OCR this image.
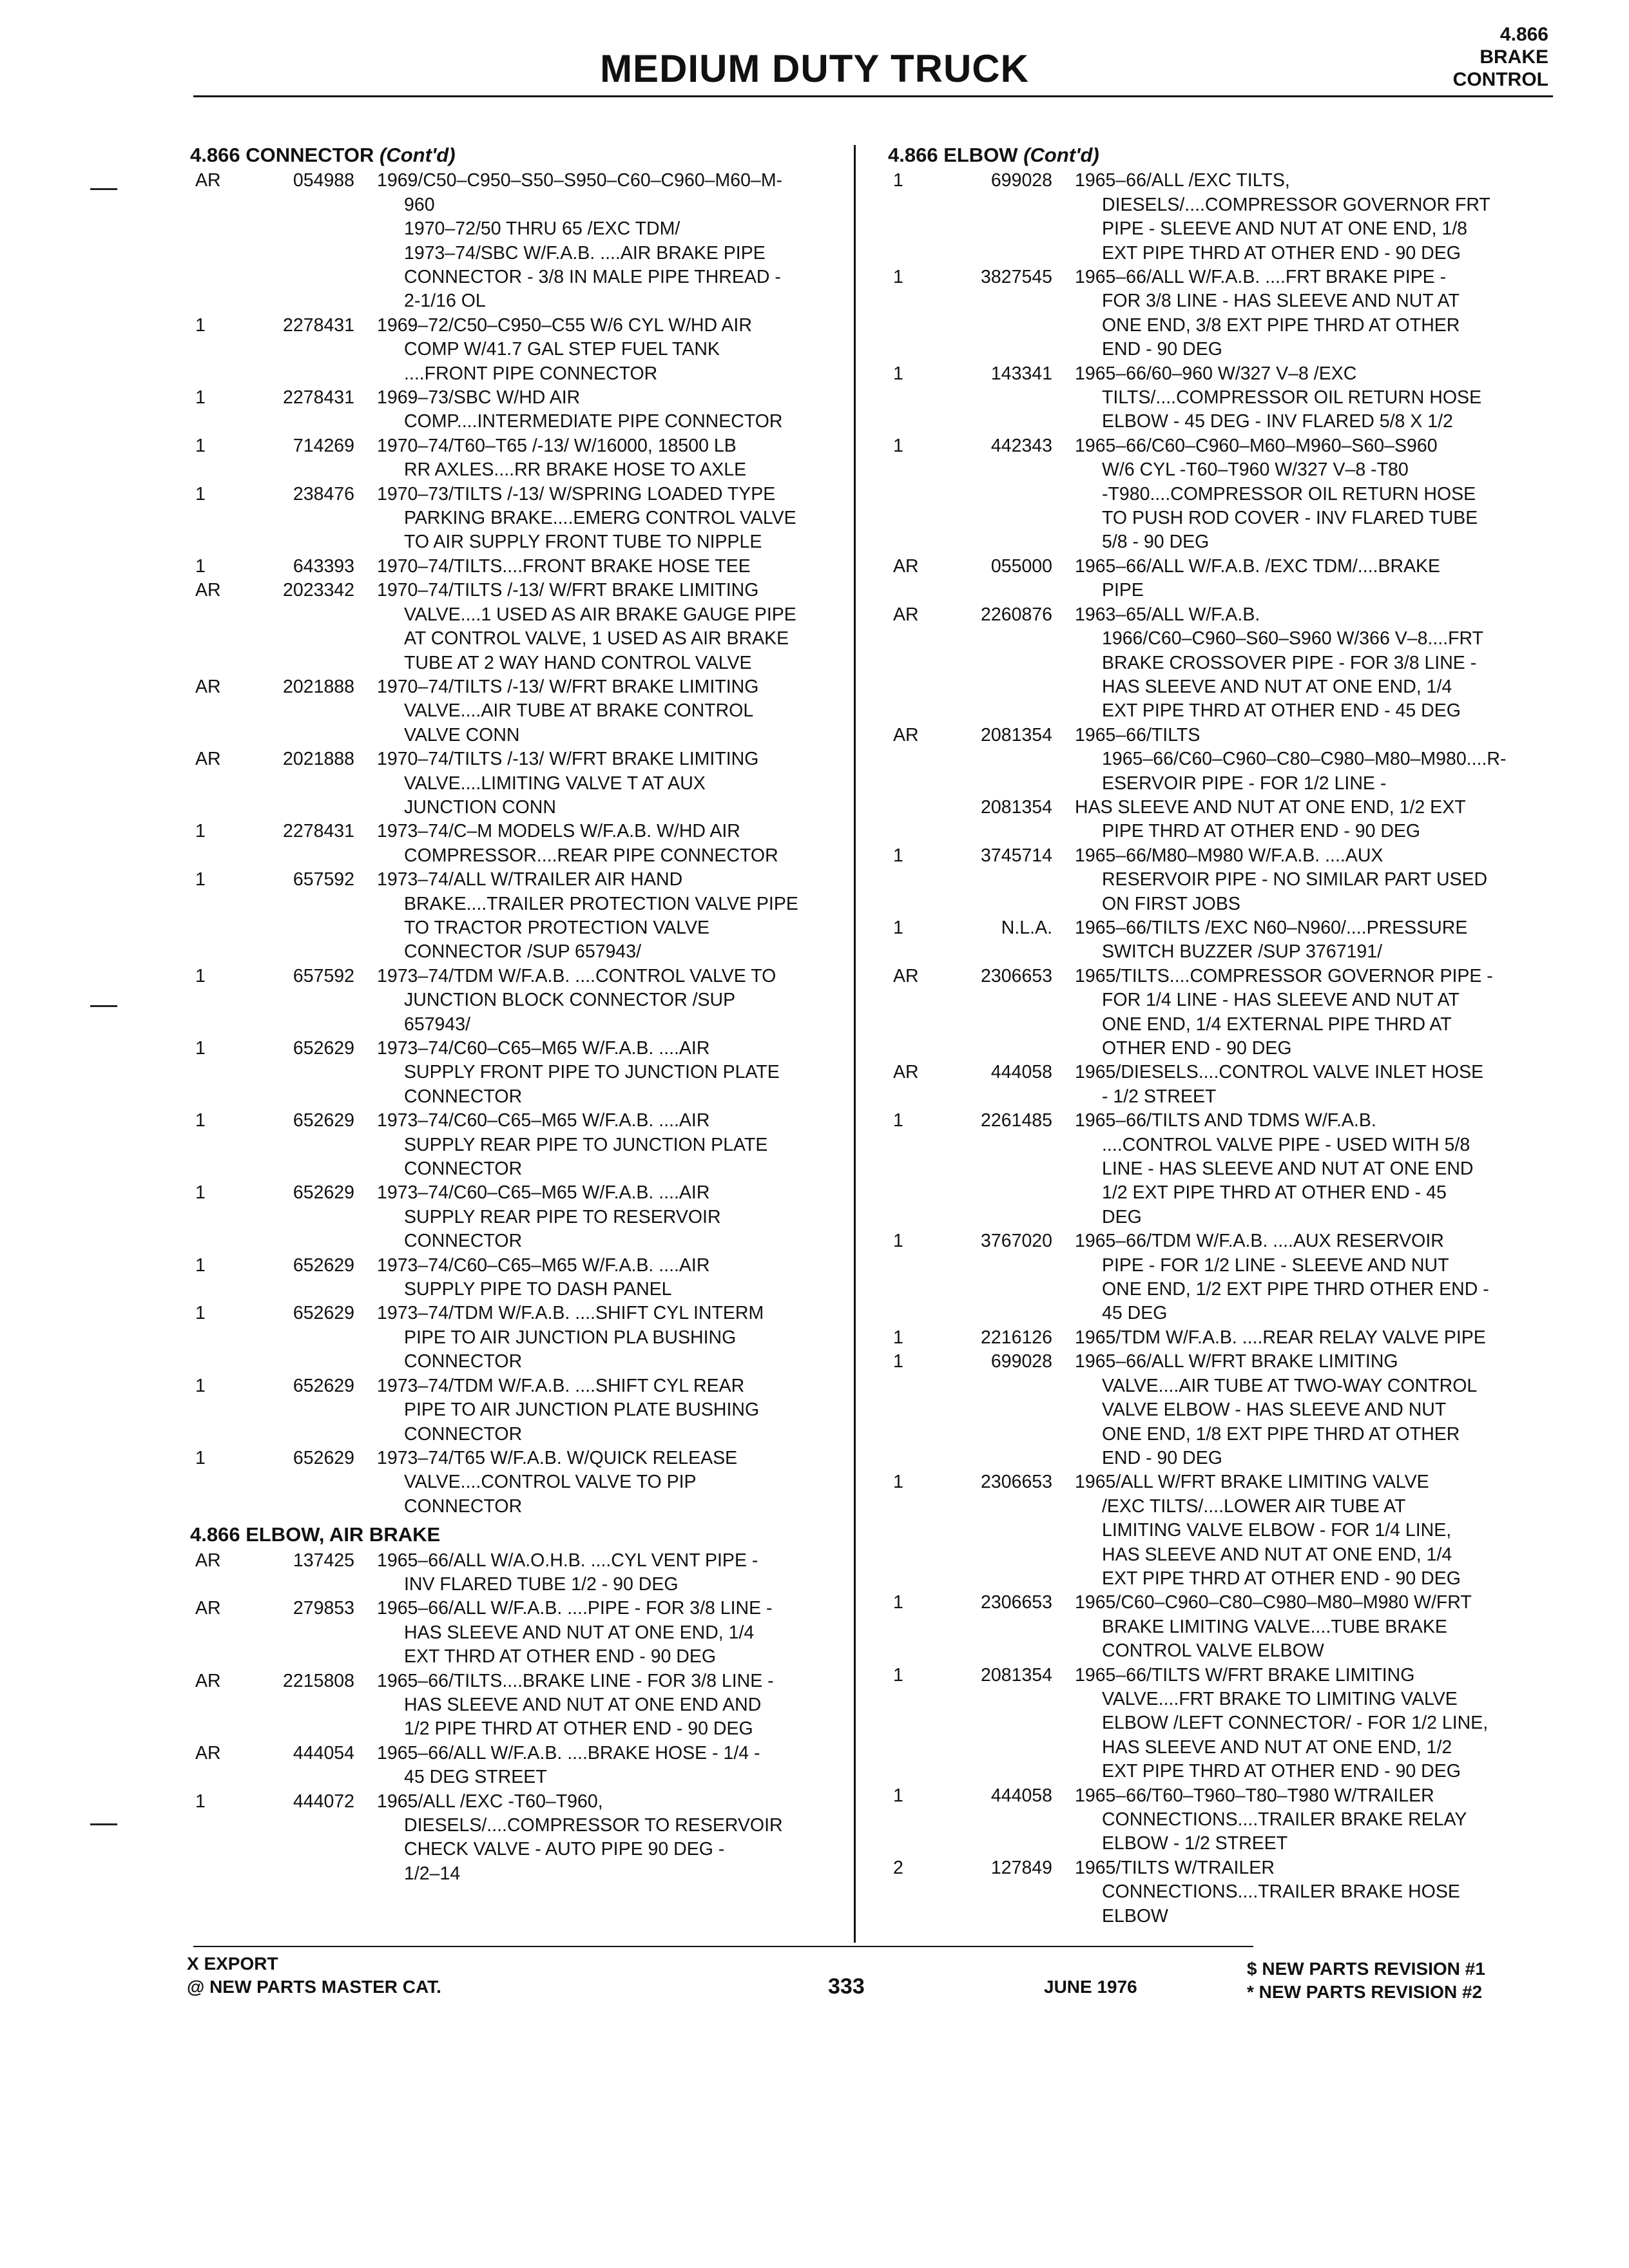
MEDIUM DUTY TRUCK
4.866
BRAKE
CONTROL
4.866 CONNECTOR (Cont'd)
AR	054988 1969/C50–C950–S50–S950–C60–C960–M60–M-
960
1970–72/50 THRU 65 /EXC TDM/
1973–74/SBC W/F.A.B. ....AIR BRAKE PIPE
CONNECTOR - 3/8 IN MALE PIPE THREAD -
2-1/16 OL
1	2278431 1969–72/C50–C950–C55 W/6 CYL W/HD AIR
COMP W/41.7 GAL STEP FUEL TANK
....FRONT PIPE CONNECTOR
1	2278431 1969–73/SBC W/HD AIR
COMP....INTERMEDIATE PIPE CONNECTOR
1	714269 1970–74/T60–T65 /-13/ W/16000, 18500 LB
RR AXLES....RR BRAKE HOSE TO AXLE
1	238476 1970–73/TILTS /-13/ W/SPRING LOADED TYPE
PARKING BRAKE....EMERG CONTROL VALVE
TO AIR SUPPLY FRONT TUBE TO NIPPLE
1	643393 1970–74/TILTS....FRONT BRAKE HOSE TEE
AR	2023342 1970–74/TILTS /-13/ W/FRT BRAKE LIMITING
VALVE....1 USED AS AIR BRAKE GAUGE PIPE
AT CONTROL VALVE, 1 USED AS AIR BRAKE
TUBE AT 2 WAY HAND CONTROL VALVE
AR	2021888 1970–74/TILTS /-13/ W/FRT BRAKE LIMITING
VALVE....AIR TUBE AT BRAKE CONTROL
VALVE CONN
AR	2021888 1970–74/TILTS /-13/ W/FRT BRAKE LIMITING
VALVE....LIMITING VALVE T AT AUX
JUNCTION CONN
1	2278431 1973–74/C–M MODELS W/F.A.B. W/HD AIR
COMPRESSOR....REAR PIPE CONNECTOR
1	657592 1973–74/ALL W/TRAILER AIR HAND
BRAKE....TRAILER PROTECTION VALVE PIPE
TO TRACTOR PROTECTION VALVE
CONNECTOR /SUP 657943/
1	657592 1973–74/TDM W/F.A.B. ....CONTROL VALVE TO
JUNCTION BLOCK CONNECTOR /SUP
657943/
1	652629 1973–74/C60–C65–M65 W/F.A.B. ....AIR
SUPPLY FRONT PIPE TO JUNCTION PLATE
CONNECTOR
1	652629 1973–74/C60–C65–M65 W/F.A.B. ....AIR
SUPPLY REAR PIPE TO JUNCTION PLATE
CONNECTOR
1	652629 1973–74/C60–C65–M65 W/F.A.B. ....AIR
SUPPLY REAR PIPE TO RESERVOIR
CONNECTOR
1	652629 1973–74/C60–C65–M65 W/F.A.B. ....AIR
SUPPLY PIPE TO DASH PANEL
1	652629 1973–74/TDM W/F.A.B. ....SHIFT CYL INTERM
PIPE TO AIR JUNCTION PLA BUSHING
CONNECTOR
1	652629 1973–74/TDM W/F.A.B. ....SHIFT CYL REAR
PIPE TO AIR JUNCTION PLATE BUSHING
CONNECTOR
1	652629 1973–74/T65 W/F.A.B. W/QUICK RELEASE
VALVE....CONTROL VALVE TO PIP
CONNECTOR
4.866 ELBOW, AIR BRAKE
AR	137425 1965–66/ALL W/A.O.H.B. ....CYL VENT PIPE -
INV FLARED TUBE 1/2 - 90 DEG
AR	279853 1965–66/ALL W/F.A.B. ....PIPE - FOR 3/8 LINE -
HAS SLEEVE AND NUT AT ONE END, 1/4
EXT THRD AT OTHER END - 90 DEG
AR	2215808 1965–66/TILTS....BRAKE LINE - FOR 3/8 LINE -
HAS SLEEVE AND NUT AT ONE END AND
1/2 PIPE THRD AT OTHER END - 90 DEG
AR	444054 1965–66/ALL W/F.A.B. ....BRAKE HOSE - 1/4 -
45 DEG STREET
1	444072 1965/ALL /EXC -T60–T960,
DIESELS/....COMPRESSOR TO RESERVOIR
CHECK VALVE - AUTO PIPE 90 DEG -
1/2–14
4.866 ELBOW (Cont'd)
1	699028 1965–66/ALL /EXC TILTS,
DIESELS/....COMPRESSOR GOVERNOR FRT
PIPE - SLEEVE AND NUT AT ONE END, 1/8
EXT PIPE THRD AT OTHER END - 90 DEG
1	3827545 1965–66/ALL W/F.A.B. ....FRT BRAKE PIPE -
FOR 3/8 LINE - HAS SLEEVE AND NUT AT
ONE END, 3/8 EXT PIPE THRD AT OTHER
END - 90 DEG
1	143341 1965–66/60–960 W/327 V–8 /EXC
TILTS/....COMPRESSOR OIL RETURN HOSE
ELBOW - 45 DEG - INV FLARED 5/8 X 1/2
1	442343 1965–66/C60–C960–M60–M960–S60–S960
W/6 CYL -T60–T960 W/327 V–8 -T80
-T980....COMPRESSOR OIL RETURN HOSE
TO PUSH ROD COVER - INV FLARED TUBE
5/8 - 90 DEG
AR	055000 1965–66/ALL W/F.A.B. /EXC TDM/....BRAKE
PIPE
AR	2260876 1963–65/ALL W/F.A.B.
1966/C60–C960–S60–S960 W/366 V–8....FRT
BRAKE CROSSOVER PIPE - FOR 3/8 LINE -
HAS SLEEVE AND NUT AT ONE END, 1/4
EXT PIPE THRD AT OTHER END - 45 DEG
AR	2081354 1965–66/TILTS
1965–66/C60–C960–C80–C980–M80–M980....R-
ESERVOIR PIPE - FOR 1/2 LINE -
2081354 HAS SLEEVE AND NUT AT ONE END, 1/2 EXT
PIPE THRD AT OTHER END - 90 DEG
1	3745714 1965–66/M80–M980 W/F.A.B. ....AUX
RESERVOIR PIPE - NO SIMILAR PART USED
ON FIRST JOBS
1	N.L.A. 1965–66/TILTS /EXC N60–N960/....PRESSURE
SWITCH BUZZER /SUP 3767191/
AR	2306653 1965/TILTS....COMPRESSOR GOVERNOR PIPE -
FOR 1/4 LINE - HAS SLEEVE AND NUT AT
ONE END, 1/4 EXTERNAL PIPE THRD AT
OTHER END - 90 DEG
AR	444058 1965/DIESELS....CONTROL VALVE INLET HOSE
- 1/2 STREET
1	2261485 1965–66/TILTS AND TDMS W/F.A.B.
....CONTROL VALVE PIPE - USED WITH 5/8
LINE - HAS SLEEVE AND NUT AT ONE END
1/2 EXT PIPE THRD AT OTHER END - 45
DEG
1	3767020 1965–66/TDM W/F.A.B. ....AUX RESERVOIR
PIPE - FOR 1/2 LINE - SLEEVE AND NUT
ONE END, 1/2 EXT PIPE THRD OTHER END -
45 DEG
1	2216126 1965/TDM W/F.A.B. ....REAR RELAY VALVE PIPE
1	699028 1965–66/ALL W/FRT BRAKE LIMITING
VALVE....AIR TUBE AT TWO-WAY CONTROL
VALVE ELBOW - HAS SLEEVE AND NUT
ONE END, 1/8 EXT PIPE THRD AT OTHER
END - 90 DEG
1	2306653 1965/ALL W/FRT BRAKE LIMITING VALVE
/EXC TILTS/....LOWER AIR TUBE AT
LIMITING VALVE ELBOW - FOR 1/4 LINE,
HAS SLEEVE AND NUT AT ONE END, 1/4
EXT PIPE THRD AT OTHER END - 90 DEG
1	2306653 1965/C60–C960–C80–C980–M80–M980 W/FRT
BRAKE LIMITING VALVE....TUBE BRAKE
CONTROL VALVE ELBOW
1	2081354 1965–66/TILTS W/FRT BRAKE LIMITING
VALVE....FRT BRAKE TO LIMITING VALVE
ELBOW /LEFT CONNECTOR/ - FOR 1/2 LINE,
HAS SLEEVE AND NUT AT ONE END, 1/2
EXT PIPE THRD AT OTHER END - 90 DEG
1	444058 1965–66/T60–T960–T80–T980 W/TRAILER
CONNECTIONS....TRAILER BRAKE RELAY
ELBOW - 1/2 STREET
2	127849 1965/TILTS W/TRAILER
CONNECTIONS....TRAILER BRAKE HOSE
ELBOW
X EXPORT
@ NEW PARTS MASTER CAT.	333	JUNE 1976
$ NEW PARTS REVISION #1
* NEW PARTS REVISION #2
